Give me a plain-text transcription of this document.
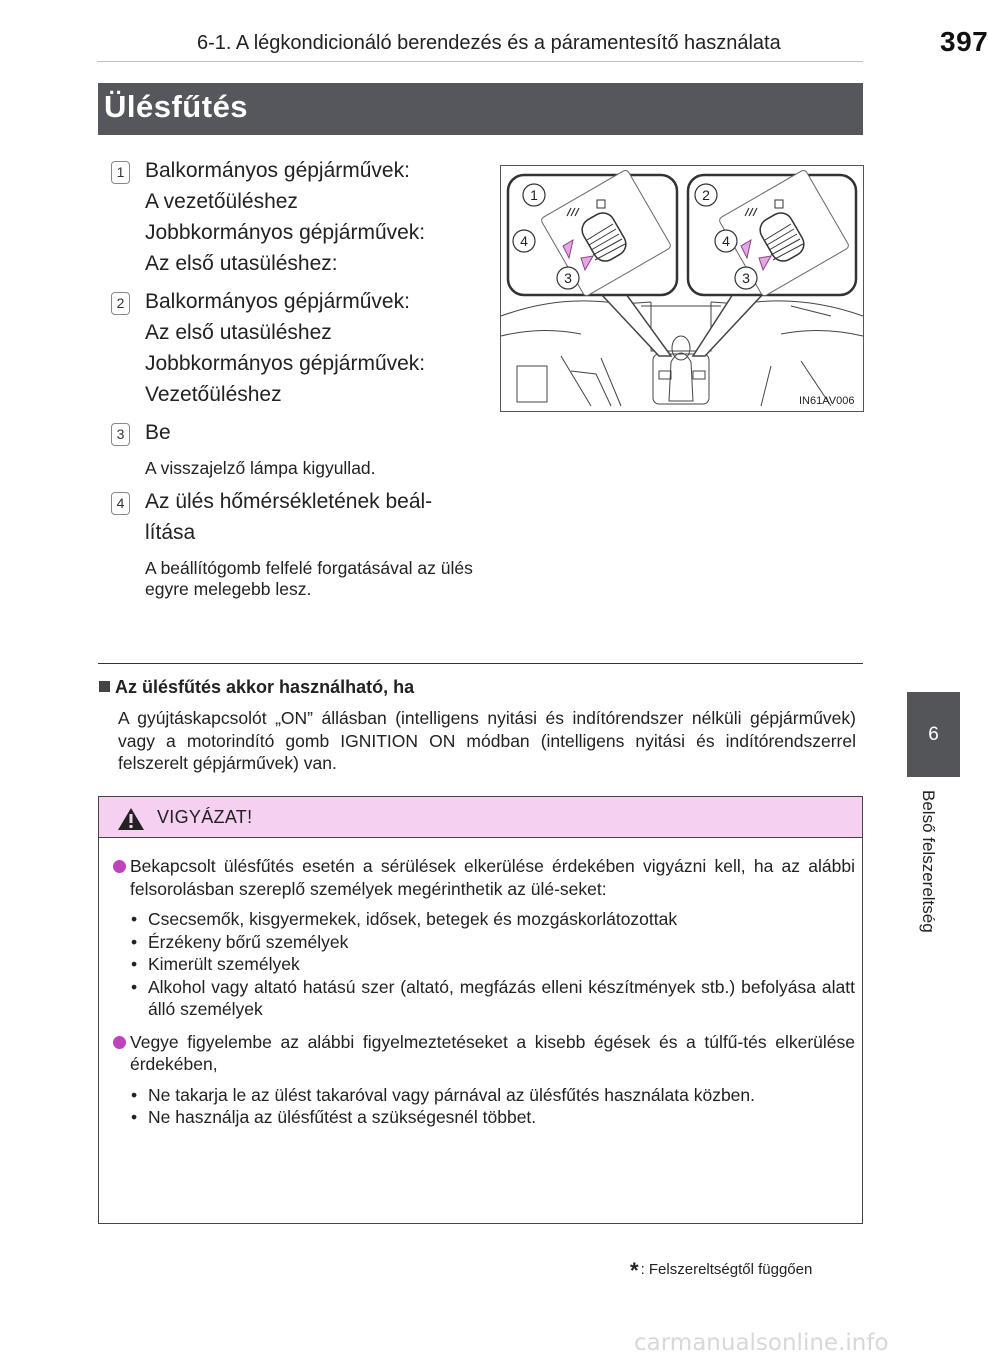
6-1. A légkondicionáló berendezés és a páramentesítő használata	397
6
Belső felszereltség
Ülésfűtés
1 Balkormányos gépjárművek:
A vezetőüléshez
Jobbkormányos gépjárművek:
Az első utasüléshez:
2 Balkormányos gépjárművek:
Az első utasüléshez
Jobbkormányos gépjárművek:
Vezetőüléshez
3 Be
A visszajelző lámpa kigyullad.
4 Az ülés hőmérsékletének beál-
lítása
A beállítógomb felfelé forgatásával az ülés egyre melegebb lesz.
1
4
3
2
4
3
IN61AV006
Az ülésfűtés akkor használható, ha
A gyújtáskapcsolót „ON” állásban (intelligens nyitási és indítórendszer nélküli gépjárművek) vagy a motorindító gomb IGNITION ON módban (intelligens nyitási és indítórendszerrel felszerelt gépjárművek) van.
VIGYÁZAT!
Bekapcsolt ülésfűtés esetén a sérülések elkerülése érdekében vigyázni kell, ha az alábbi felsorolásban szereplő személyek megérinthetik az ülé-seket:
• Csecsemők, kisgyermekek, idősek, betegek és mozgáskorlátozottak
• Érzékeny bőrű személyek
• Kimerült személyek
• Alkohol vagy altató hatású szer (altató, megfázás elleni készítmények stb.) befolyása alatt álló személyek
Vegye figyelembe az alábbi figyelmeztetéseket a kisebb égések és a túlfű-tés elkerülése érdekében,
• Ne takarja le az ülést takaróval vagy párnával az ülésfűtés használata közben.
• Ne használja az ülésfűtést a szükségesnél többet.
* : Felszereltségtől függően
carmanualsonline.info
